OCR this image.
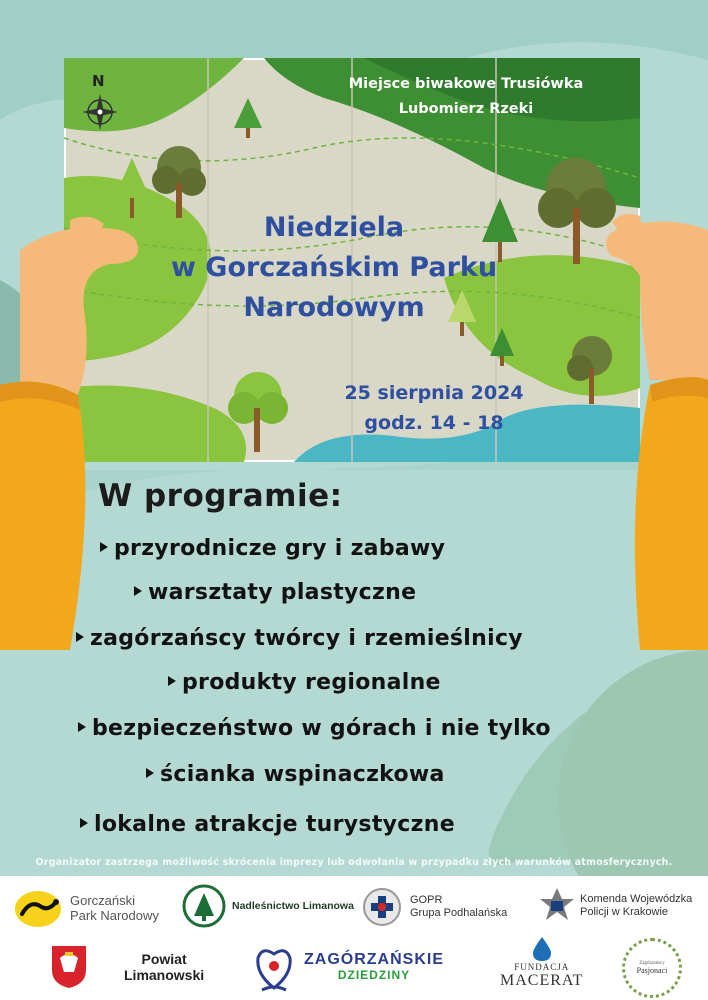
Miejsce biwakowe Trusiówka
Lubomierz Rzeki
N
Niedziela
w Gorczańskim Parku
Narodowym
25 sierpnia 2024
godz. 14 - 18
W programie:
przyrodnicze gry i zabawy
warsztaty plastyczne
zagórzańscy twórcy i rzemieślnicy
produkty regionalne
bezpieczeństwo w górach i nie tylko
ścianka wspinaczkowa
lokalne atrakcje turystyczne
Organizator zastrzega możliwość skrócenia imprezy lub odwołania w przypadku złych warunków atmosferycznych.
Gorczański
Park Narodowy
Nadleśnictwo Limanowa	GOPR
Grupa Podhalańska
Komenda Wojewódzka
Policji w Krakowie
Powiat
Limanowski
ZAGÓRZAŃSKIE
DZIEDZINY
FUNDACJA
MACERAT
Zagórzańscy
Pasjonaci
